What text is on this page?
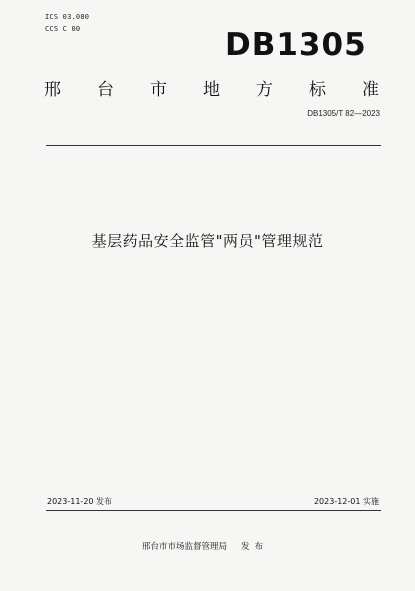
ICS 03.080
CCS C 00	DB1305
邢 台 市 地 方 标 准
DB1305/T 82—2023
基层药品安全监管"两员"管理规范
2023-11-20 发布	2023-12-01 实施
邢台市市场监督管理局 发布
